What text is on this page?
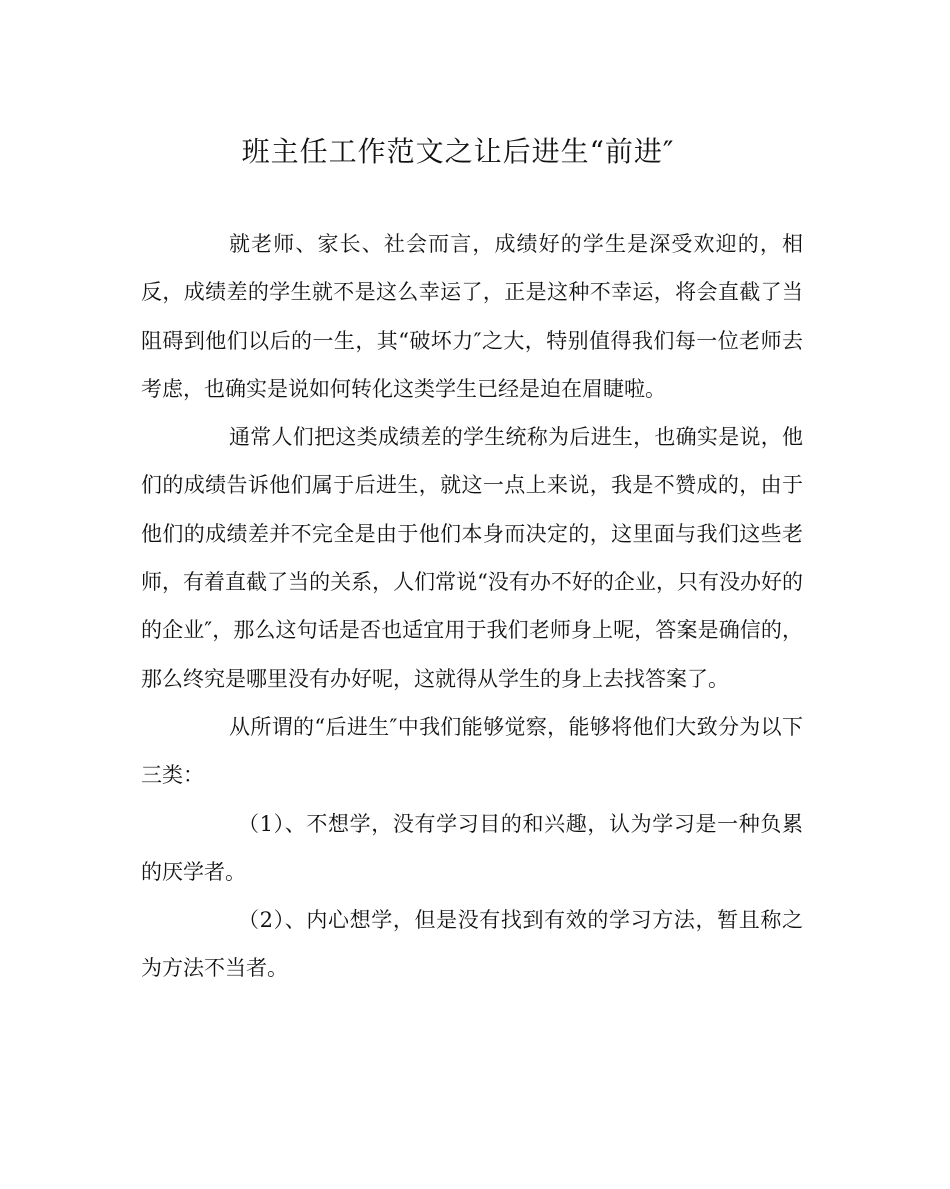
班主任工作范文之让后进生“前进″

就老师、家长、社会而言，成绩好的学生是深受欢迎的，相反，成绩差的学生就不是这么幸运了，正是这种不幸运，将会直截了当阻碍到他们以后的一生，其“破坏力″之大，特别值得我们每一位老师去考虑，也确实是说如何转化这类学生已经是迫在眉睫啦。

通常人们把这类成绩差的学生统称为后进生，也确实是说，他们的成绩告诉他们属于后进生，就这一点上来说，我是不赞成的，由于他们的成绩差并不完全是由于他们本身而决定的，这里面与我们这些老师，有着直截了当的关系，人们常说“没有办不好的企业，只有没办好的的企业″，那么这句话是否也适宜用于我们老师身上呢，答案是确信的，那么终究是哪里没有办好呢，这就得从学生的身上去找答案了。

从所谓的“后进生″中我们能够觉察，能够将他们大致分为以下三类：

（1）、不想学，没有学习目的和兴趣，认为学习是一种负累的厌学者。

（2）、内心想学，但是没有找到有效的学习方法，暂且称之为方法不当者。
